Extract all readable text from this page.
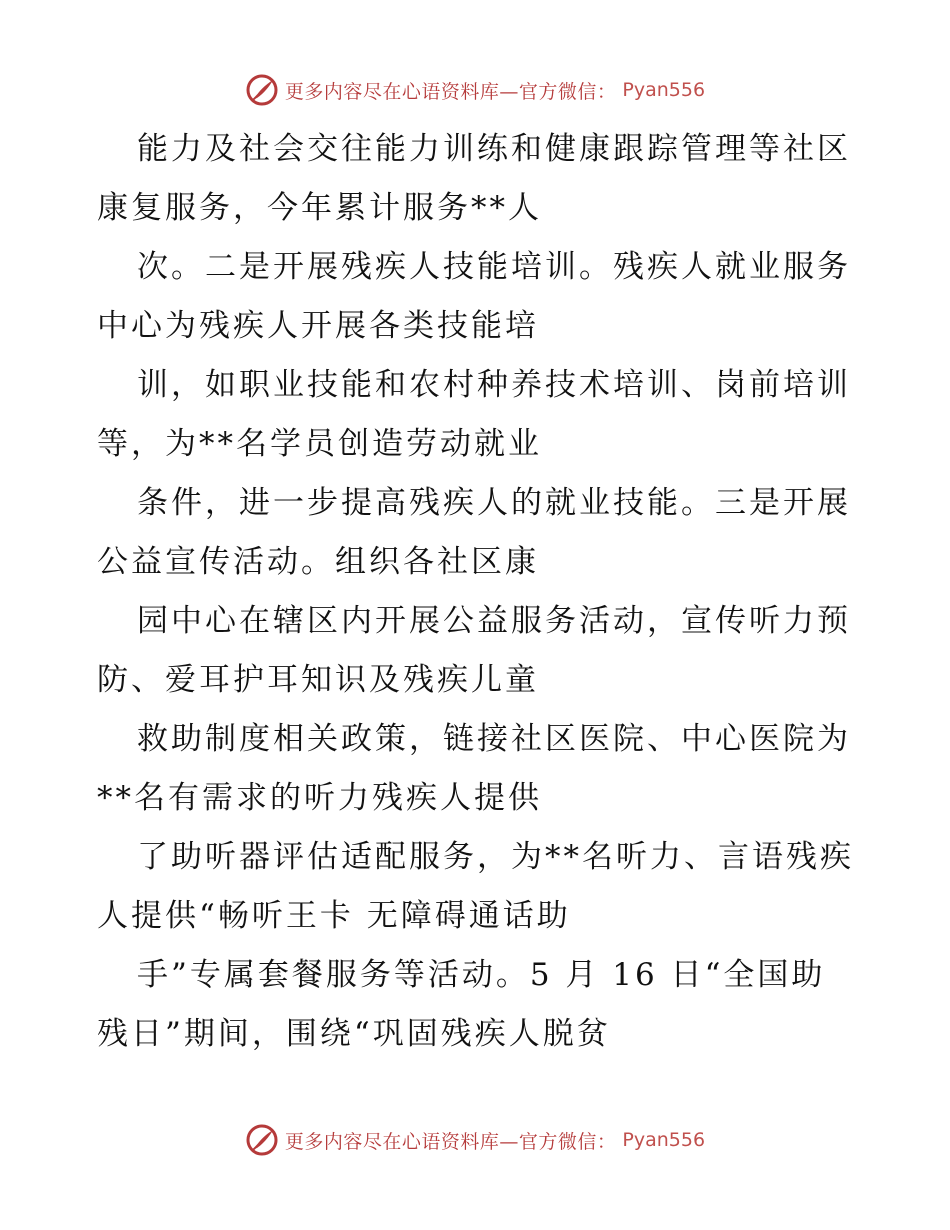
更多内容尽在心语资料库—官方微信： Pyan556

能力及社会交往能力训练和健康跟踪管理等社区康复服务，今年累计服务**人

次。二是开展残疾人技能培训。残疾人就业服务中心为残疾人开展各类技能培

训，如职业技能和农村种养技术培训、岗前培训等，为**名学员创造劳动就业

条件，进一步提高残疾人的就业技能。三是开展公益宣传活动。组织各社区康

园中心在辖区内开展公益服务活动，宣传听力预防、爱耳护耳知识及残疾儿童

救助制度相关政策，链接社区医院、中心医院为**名有需求的听力残疾人提供

了助听器评估适配服务，为**名听力、言语残疾人提供“畅听王卡 无障碍通话助

手”专属套餐服务等活动。5 月 16 日“全国助残日”期间，围绕“巩固残疾人脱贫

更多内容尽在心语资料库—官方微信： Pyan556
